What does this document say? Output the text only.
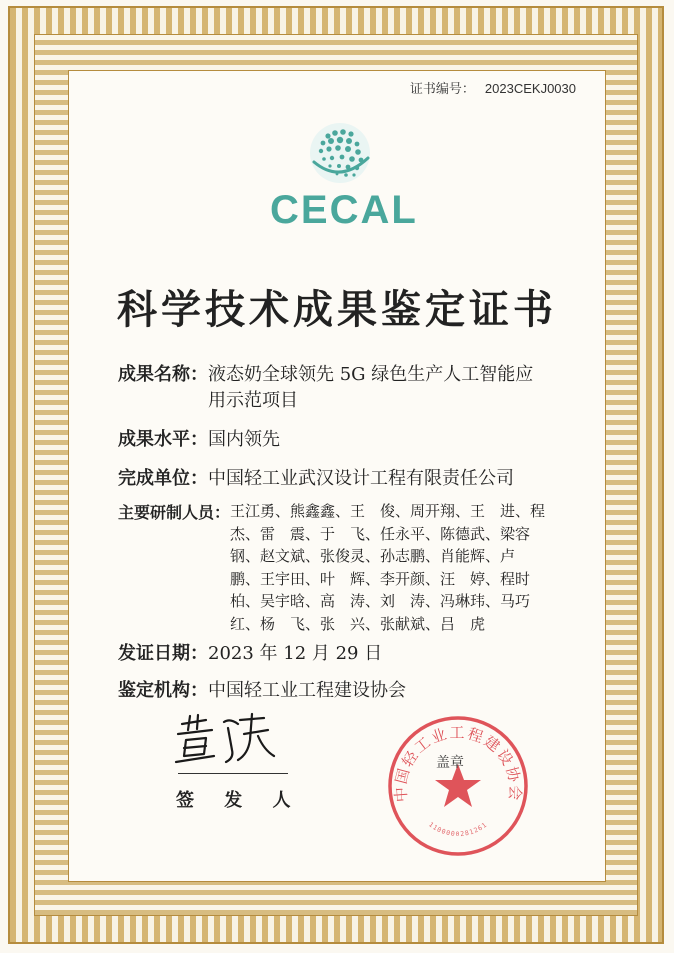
证书编号： 2023CEKJ0030
CECAL
科学技术成果鉴定证书
成果名称：液态奶全球领先 5G 绿色生产人工智能应用示范项目
成果水平：国内领先
完成单位：中国轻工业武汉设计工程有限责任公司
主要研制人员：王江勇、熊鑫鑫、王　俊、周开翔、王　进、程　杰、雷　震、于　飞、任永平、陈德武、梁容钢、赵文斌、张俊灵、孙志鹏、肖能辉、卢　鹏、王宇田、叶　辉、李开颜、汪　婷、程时柏、吴宇晗、高　涛、刘　涛、冯琳玮、马巧红、杨　飞、张　兴、张献斌、吕　虎
发证日期：2023 年 12 月 29 日
鉴定机构：中国轻工业工程建设协会
签 发 人	中国轻工业工程建设协会
1100000281261
盖章
